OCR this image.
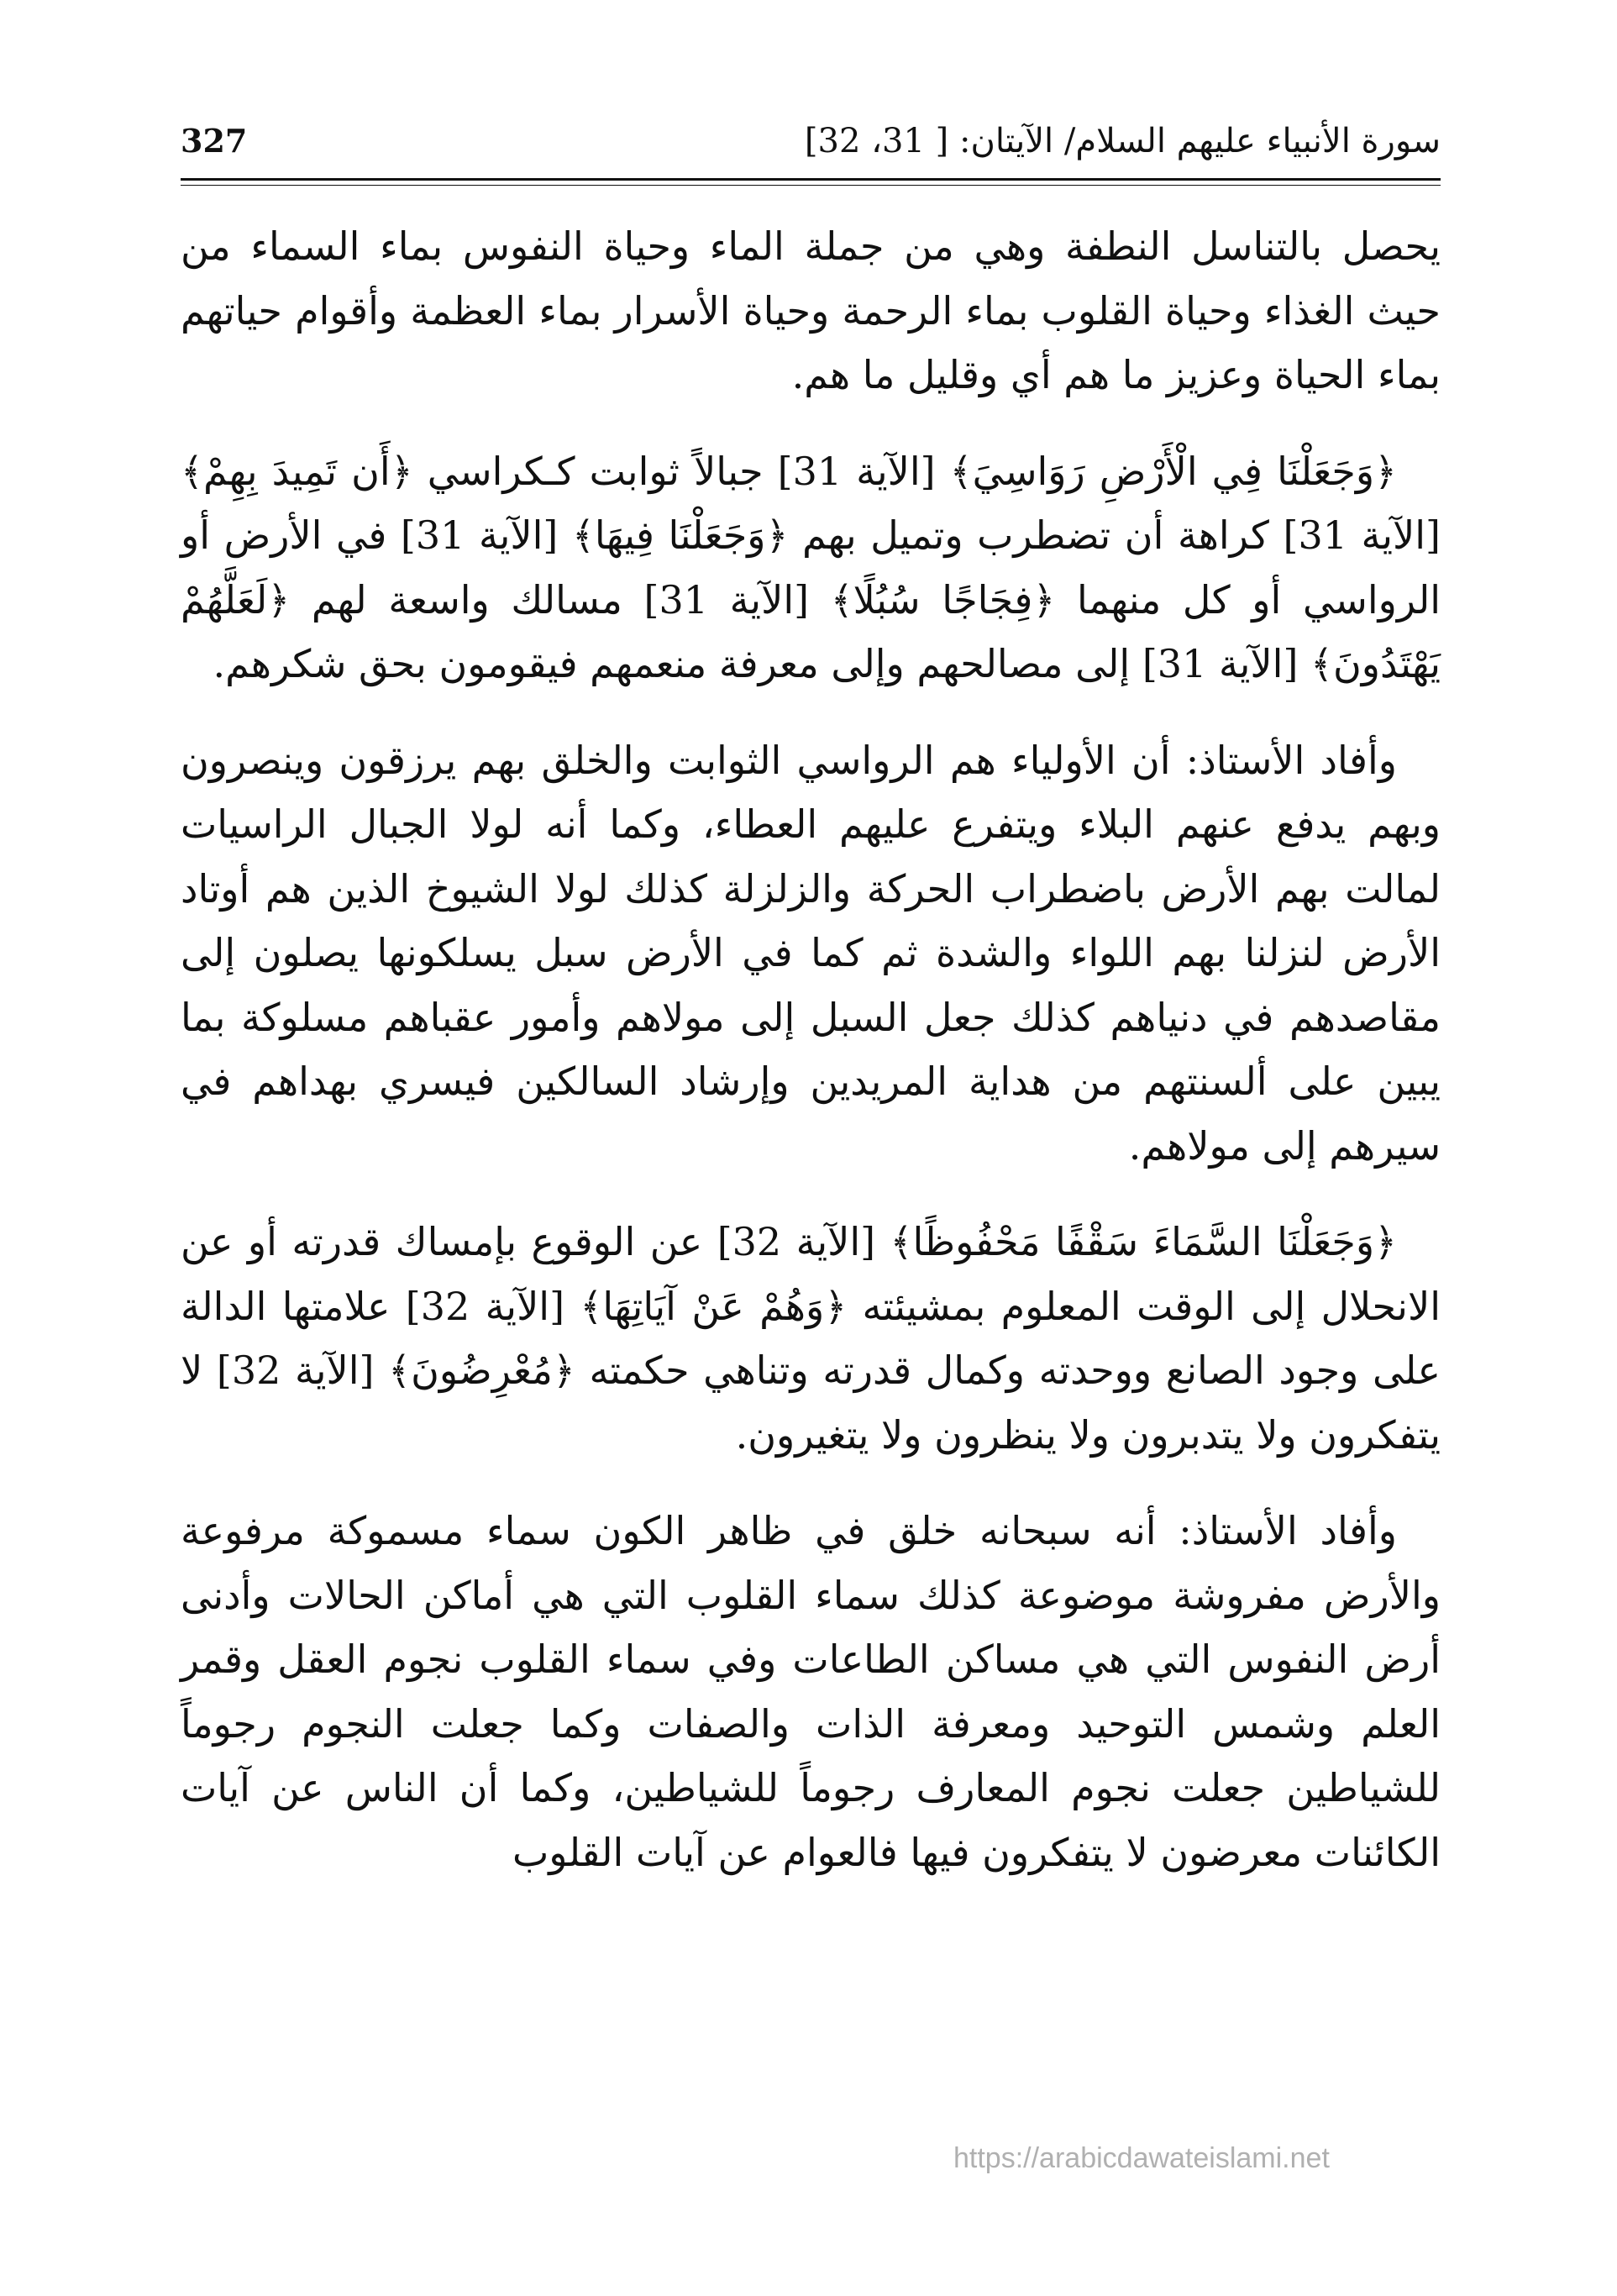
سورة الأنبياء عليهم السلام/ الآيتان: [ 31، 32]
327

يحصل بالتناسل النطفة وهي من جملة الماء وحياة النفوس بماء السماء من حيث الغذاء وحياة القلوب بماء الرحمة وحياة الأسرار بماء العظمة وأقوام حياتهم بماء الحياة وعزيز ما هم أي وقليل ما هم.

﴿وَجَعَلْنَا فِي الْأَرْضِ رَوَاسِيَ﴾ [الآية 31] جبالاً ثوابت كـكراسي ﴿أَن تَمِيدَ بِهِمْ﴾ [الآية 31] كراهة أن تضطرب وتميل بهم ﴿وَجَعَلْنَا فِيهَا﴾ [الآية 31] في الأرض أو الرواسي أو كل منهما ﴿فِجَاجًا سُبُلًا﴾ [الآية 31] مسالك واسعة لهم ﴿لَعَلَّهُمْ يَهْتَدُونَ﴾ [الآية 31] إلى مصالحهم وإلى معرفة منعمهم فيقومون بحق شكرهم.

وأفاد الأستاذ: أن الأولياء هم الرواسي الثوابت والخلق بهم يرزقون وينصرون وبهم يدفع عنهم البلاء ويتفرع عليهم العطاء، وكما أنه لولا الجبال الراسيات لمالت بهم الأرض باضطراب الحركة والزلزلة كذلك لولا الشيوخ الذين هم أوتاد الأرض لنزلنا بهم اللواء والشدة ثم كما في الأرض سبل يسلكونها يصلون إلى مقاصدهم في دنياهم كذلك جعل السبل إلى مولاهم وأمور عقباهم مسلوكة بما يبين على ألسنتهم من هداية المريدين وإرشاد السالكين فيسري بهداهم في سيرهم إلى مولاهم.

﴿وَجَعَلْنَا السَّمَاءَ سَقْفًا مَحْفُوظًا﴾ [الآية 32] عن الوقوع بإمساك قدرته أو عن الانحلال إلى الوقت المعلوم بمشيئته ﴿وَهُمْ عَنْ آيَاتِهَا﴾ [الآية 32] علامتها الدالة على وجود الصانع ووحدته وكمال قدرته وتناهي حكمته ﴿مُعْرِضُونَ﴾ [الآية 32] لا يتفكرون ولا يتدبرون ولا ينظرون ولا يتغيرون.

وأفاد الأستاذ: أنه سبحانه خلق في ظاهر الكون سماء مسموكة مرفوعة والأرض مفروشة موضوعة كذلك سماء القلوب التي هي أماكن الحالات وأدنى أرض النفوس التي هي مساكن الطاعات وفي سماء القلوب نجوم العقل وقمر العلم وشمس التوحيد ومعرفة الذات والصفات وكما جعلت النجوم رجوماً للشياطين جعلت نجوم المعارف رجوماً للشياطين، وكما أن الناس عن آيات الكائنات معرضون لا يتفكرون فيها فالعوام عن آيات القلوب

https://arabicdawateislami.net
